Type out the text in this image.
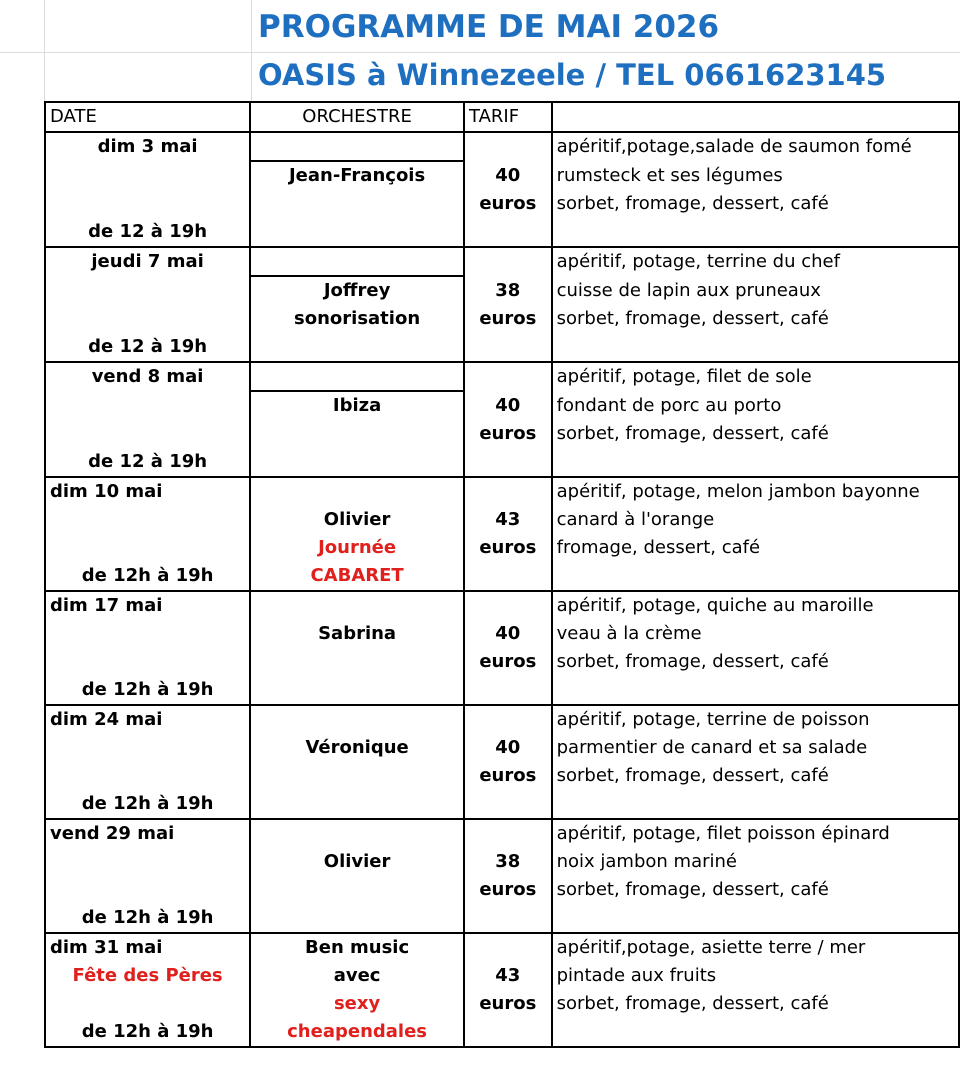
PROGRAMME DE MAI 2026
OASIS à Winnezeele / TEL 0661623145
DATE	ORCHESTRE	TARIF	
dim 3 mai			apéritif,potage,salade de saumon fomé
	Jean-François	40	rumsteck et ses légumes
		euros	sorbet, fromage, dessert, café
de 12 à 19h			
jeudi 7 mai			apéritif, potage, terrine du chef
	Joffrey	38	cuisse de lapin aux pruneaux
	sonorisation	euros	sorbet, fromage, dessert, café
de 12 à 19h			
vend 8 mai			apéritif, potage, filet de sole
	Ibiza	40	fondant de porc au porto
		euros	sorbet, fromage, dessert, café
de 12 à 19h			
dim 10 mai			apéritif, potage, melon jambon bayonne
	Olivier	43	canard à l'orange
	Journée	euros	fromage, dessert, café
de 12h à 19h	CABARET		
dim 17 mai			apéritif, potage, quiche au maroille
	Sabrina	40	veau à la crème
		euros	sorbet, fromage, dessert, café
de 12h à 19h			
dim 24 mai			apéritif, potage, terrine de poisson
	Véronique	40	parmentier de canard et sa salade
		euros	sorbet, fromage, dessert, café
de 12h à 19h			
vend 29 mai			apéritif, potage, filet poisson épinard
	Olivier	38	noix jambon mariné
		euros	sorbet, fromage, dessert, café
de 12h à 19h			
dim 31 mai	Ben music		apéritif,potage, asiette terre / mer
Fête des Pères	avec	43	pintade aux fruits
	sexy	euros	sorbet, fromage, dessert, café
de 12h à 19h	cheapendales		
